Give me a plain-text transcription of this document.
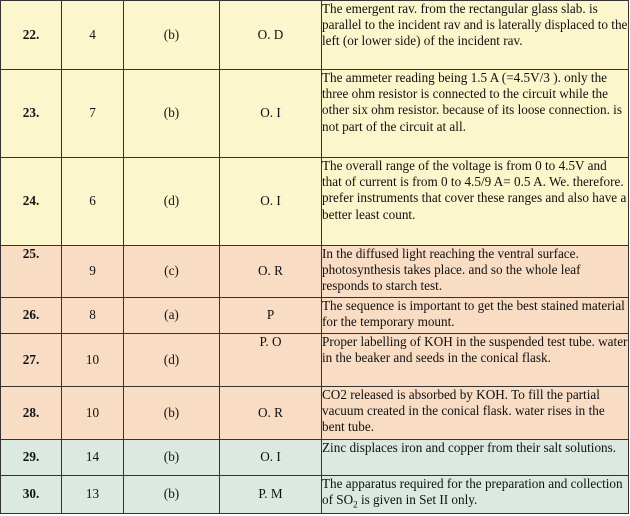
22.	4	(b)	O. D	The emergent rav. from the rectangular glass slab. is parallel to the incident rav and is laterally displaced to the left (or lower side) of the incident rav.
23.	7	(b)	O. I	The ammeter reading being 1.5 A (=4.5V/3 ). only the three ohm resistor is connected to the circuit while the other six ohm resistor. because of its loose connection. is not part of the circuit at all.
24.	6	(d)	O. I	The overall range of the voltage is from 0 to 4.5V and that of current is from 0 to 4.5/9 A= 0.5 A. We. therefore. prefer instruments that cover these ranges and also have a better least count.
25.	9	(c)	O. R	In the diffused light reaching the ventral surface. photosynthesis takes place. and so the whole leaf responds to starch test.
26.	8	(a)	P	The sequence is important to get the best stained material for the temporary mount.
27.	10	(d)	P. O	Proper labelling of KOH in the suspended test tube. water in the beaker and seeds in the conical flask.
28.	10	(b)	O. R	CO2 released is absorbed by KOH. To fill the partial vacuum created in the conical flask. water rises in the bent tube.
29.	14	(b)	O. I	Zinc displaces iron and copper from their salt solutions.
30.	13	(b)	P. M	The apparatus required for the preparation and collection of $SO_2$ is given in Set II only.
